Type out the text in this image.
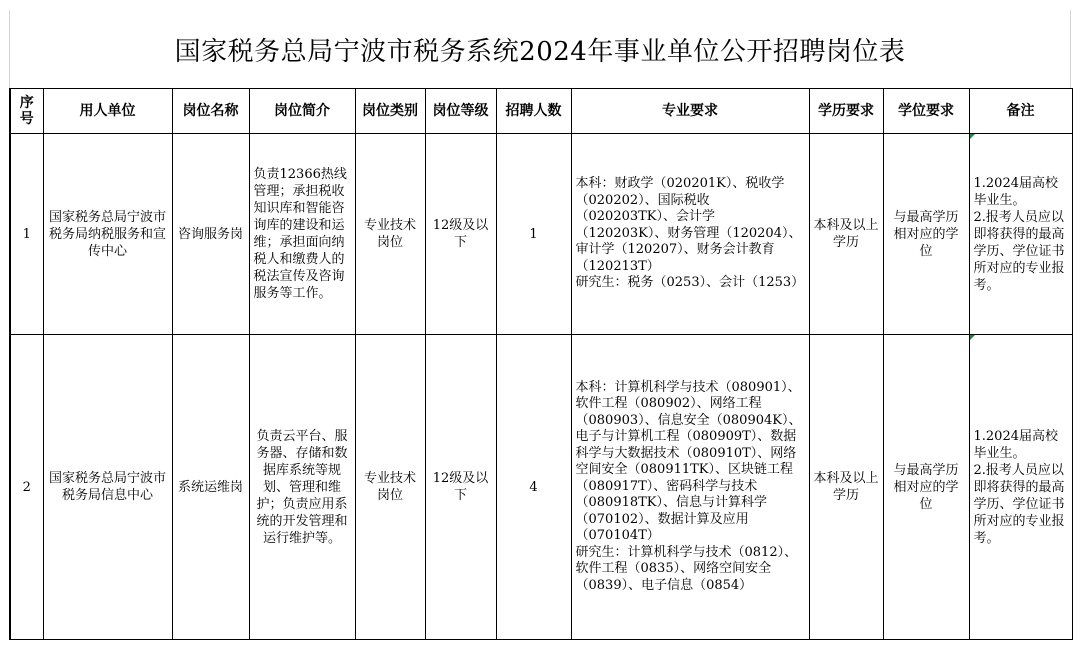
国家税务总局宁波市税务系统2024年事业单位公开招聘岗位表
序
号	用人单位	岗位名称	岗位简介	岗位类别	岗位等级	招聘人数	专业要求	学历要求	学位要求	备注
1	国家税务总局宁波市税务局纳税服务和宣传中心	咨询服务岗	负责12366热线管理；承担税收知识库和智能咨询库的建设和运维；承担面向纳税人和缴费人的税法宣传及咨询服务等工作。	专业技术岗位	12级及以下	1	本科：财政学（020201K）、税收学（020202）、国际税收（020203TK）、会计学（120203K）、财务管理（120204）、审计学（120207）、财务会计教育（120213T）
研究生：税务（0253）、会计（1253）	本科及以上学历	与最高学历相对应的学位	1.2024届高校毕业生。
2.报考人员应以即将获得的最高学历、学位证书所对应的专业报考。
2	国家税务总局宁波市税务局信息中心	系统运维岗	负责云平台、服务器、存储和数据库系统等规划、管理和维护；负责应用系统的开发管理和运行维护等。	专业技术岗位	12级及以下	4	本科：计算机科学与技术（080901）、软件工程（080902）、网络工程（080903）、信息安全（080904K）、电子与计算机工程（080909T）、数据科学与大数据技术（080910T）、网络空间安全（080911TK）、区块链工程（080917T）、密码科学与技术（080918TK）、信息与计算科学（070102）、数据计算及应用（070104T）
研究生：计算机科学与技术（0812）、软件工程（0835）、网络空间安全（0839）、电子信息（0854）	本科及以上学历	与最高学历相对应的学位	1.2024届高校毕业生。
2.报考人员应以即将获得的最高学历、学位证书所对应的专业报考。
